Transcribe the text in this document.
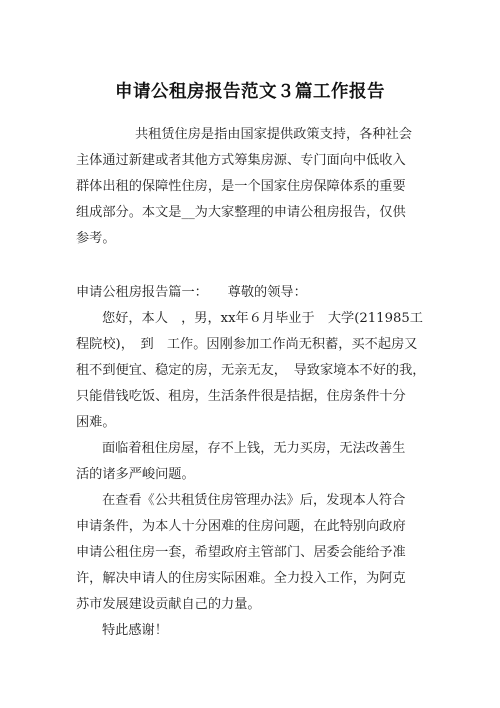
申请公租房报告范文３篇工作报告
共租赁住房是指由国家提供政策支持，各种社会
主体通过新建或者其他方式筹集房源、专门面向中低收入
群体出租的保障性住房，是一个国家住房保障体系的重要
组成部分。本文是__为大家整理的申请公租房报告，仅供
参考。
申请公租房报告篇一：　　尊敬的领导：
您好，本人　，男，xx年６月毕业于　大学(211985工
程院校)，　到　工作。因刚参加工作尚无积蓄，买不起房又
租不到便宜、稳定的房，无亲无友，　导致家境本不好的我，
只能借钱吃饭、租房，生活条件很是拮据，住房条件十分
困难。
面临着租住房屋，存不上钱，无力买房，无法改善生
活的诸多严峻问题。
在查看《公共租赁住房管理办法》后，发现本人符合
申请条件，为本人十分困难的住房问题，在此特别向政府
申请公租住房一套，希望政府主管部门、居委会能给予准
许，解决申请人的住房实际困难。全力投入工作，为阿克
苏市发展建设贡献自己的力量。
特此感谢！
